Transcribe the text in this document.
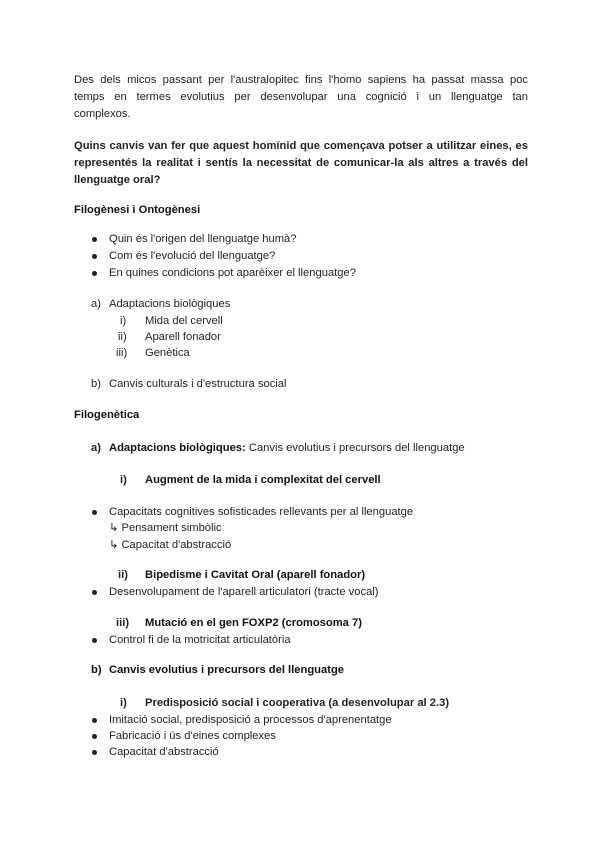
Des dels micos passant per l'australopitec fins l'homo sapiens ha passat massa poc
temps en termes evolutius per desenvolupar una cognició i un llenguatge tan
complexos.
Quins canvis van fer que aquest homínid que començava potser a utilitzar eines, es
representés la realitat i sentís la necessitat de comunicar-la als altres a través del
llenguatge oral?
Filogènesi i Ontogènesi
Quin és l'origen del llenguatge humà?
Com és l'evolució del llenguatge?
En quines condicions pot aparèixer el llenguatge?
a) Adaptacions biològiques
i) Mida del cervell
ii) Aparell fonador
iii) Genètica
b) Canvis culturals i d'estructura social
Filogenètica
a) Adaptacions biològiques: Canvis evolutius i precursors del llenguatge
i) Augment de la mida i complexitat del cervell
Capacitats cognitives sofisticades rellevants per al llenguatge
↳ Pensament simbòlic
↳ Capacitat d'abstracció
ii) Bipedisme i Cavitat Oral (aparell fonador)
Desenvolupament de l'aparell articulatori (tracte vocal)
iii) Mutació en el gen FOXP2 (cromosoma 7)
Control fi de la motricitat articulatòria
b) Canvis evolutius i precursors del llenguatge
i) Predisposició social i cooperativa (a desenvolupar al 2.3)
Imitació social, predisposició a processos d'aprenentatge
Fabricació i ús d'eines complexes
Capacitat d'abstracció
